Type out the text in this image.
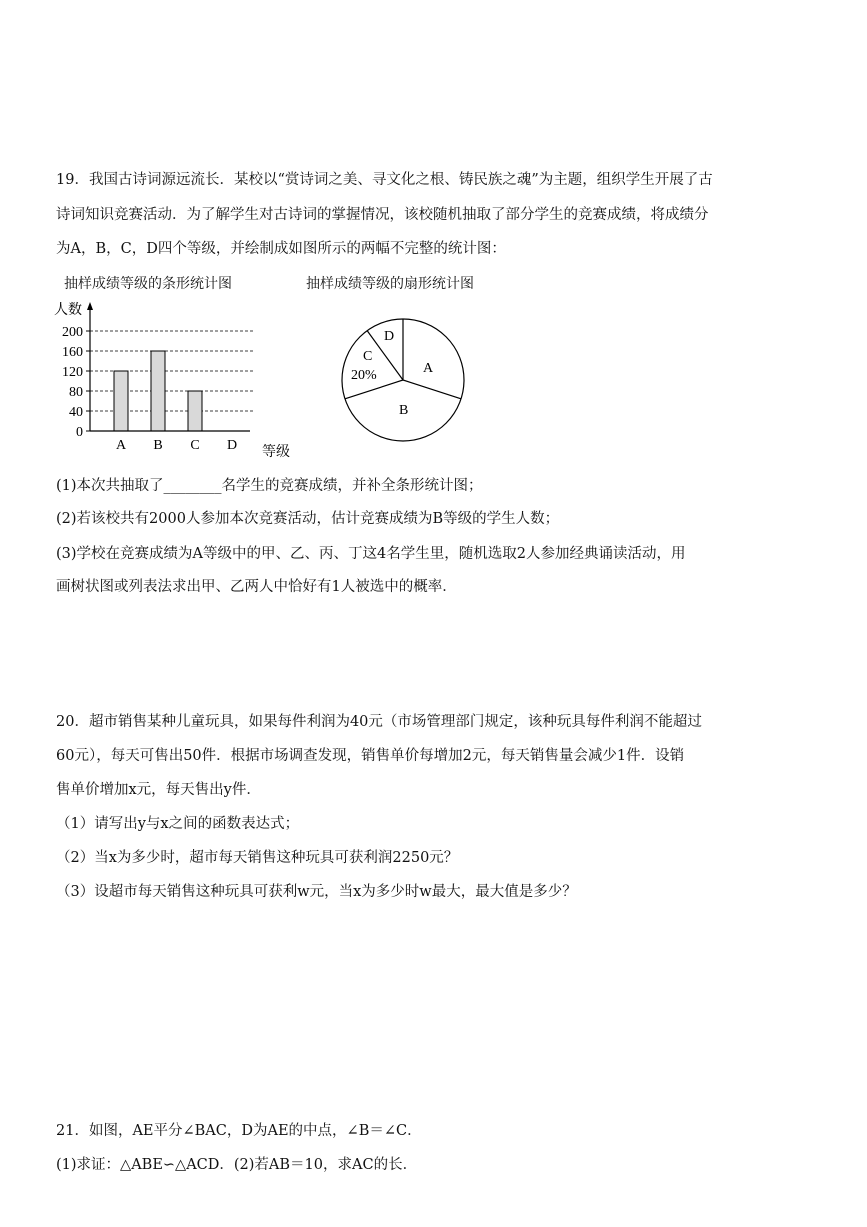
19．我国古诗词源远流长．某校以“赏诗词之美、寻文化之根、铸民族之魂”为主题，组织学生开展了古
诗词知识竞赛活动．为了解学生对古诗词的掌握情况，该校随机抽取了部分学生的竞赛成绩，将成绩分
为A，B，C，D四个等级，并绘制成如图所示的两幅不完整的统计图：
抽样成绩等级的条形统计图	抽样成绩等级的扇形统计图
人数
0
40
80
120
160
200
A B C D 等级
A
B
C
20%
D
(1)本次共抽取了________名学生的竞赛成绩，并补全条形统计图；
(2)若该校共有2000人参加本次竞赛活动，估计竞赛成绩为B等级的学生人数；
(3)学校在竞赛成绩为A等级中的甲、乙、丙、丁这4名学生里，随机选取2人参加经典诵读活动，用
画树状图或列表法求出甲、乙两人中恰好有1人被选中的概率．
20．超市销售某种儿童玩具，如果每件利润为40元（市场管理部门规定，该种玩具每件利润不能超过
60元），每天可售出50件．根据市场调查发现，销售单价每增加2元，每天销售量会减少1件．设销
售单价增加x元，每天售出y件．
（1）请写出y与x之间的函数表达式；
（2）当x为多少时，超市每天销售这种玩具可获利润2250元？
（3）设超市每天销售这种玩具可获利w元，当x为多少时w最大，最大值是多少？
21．如图，AE平分∠BAC，D为AE的中点，∠B＝∠C．
(1)求证：△ABE∽△ACD．(2)若AB＝10，求AC的长．
